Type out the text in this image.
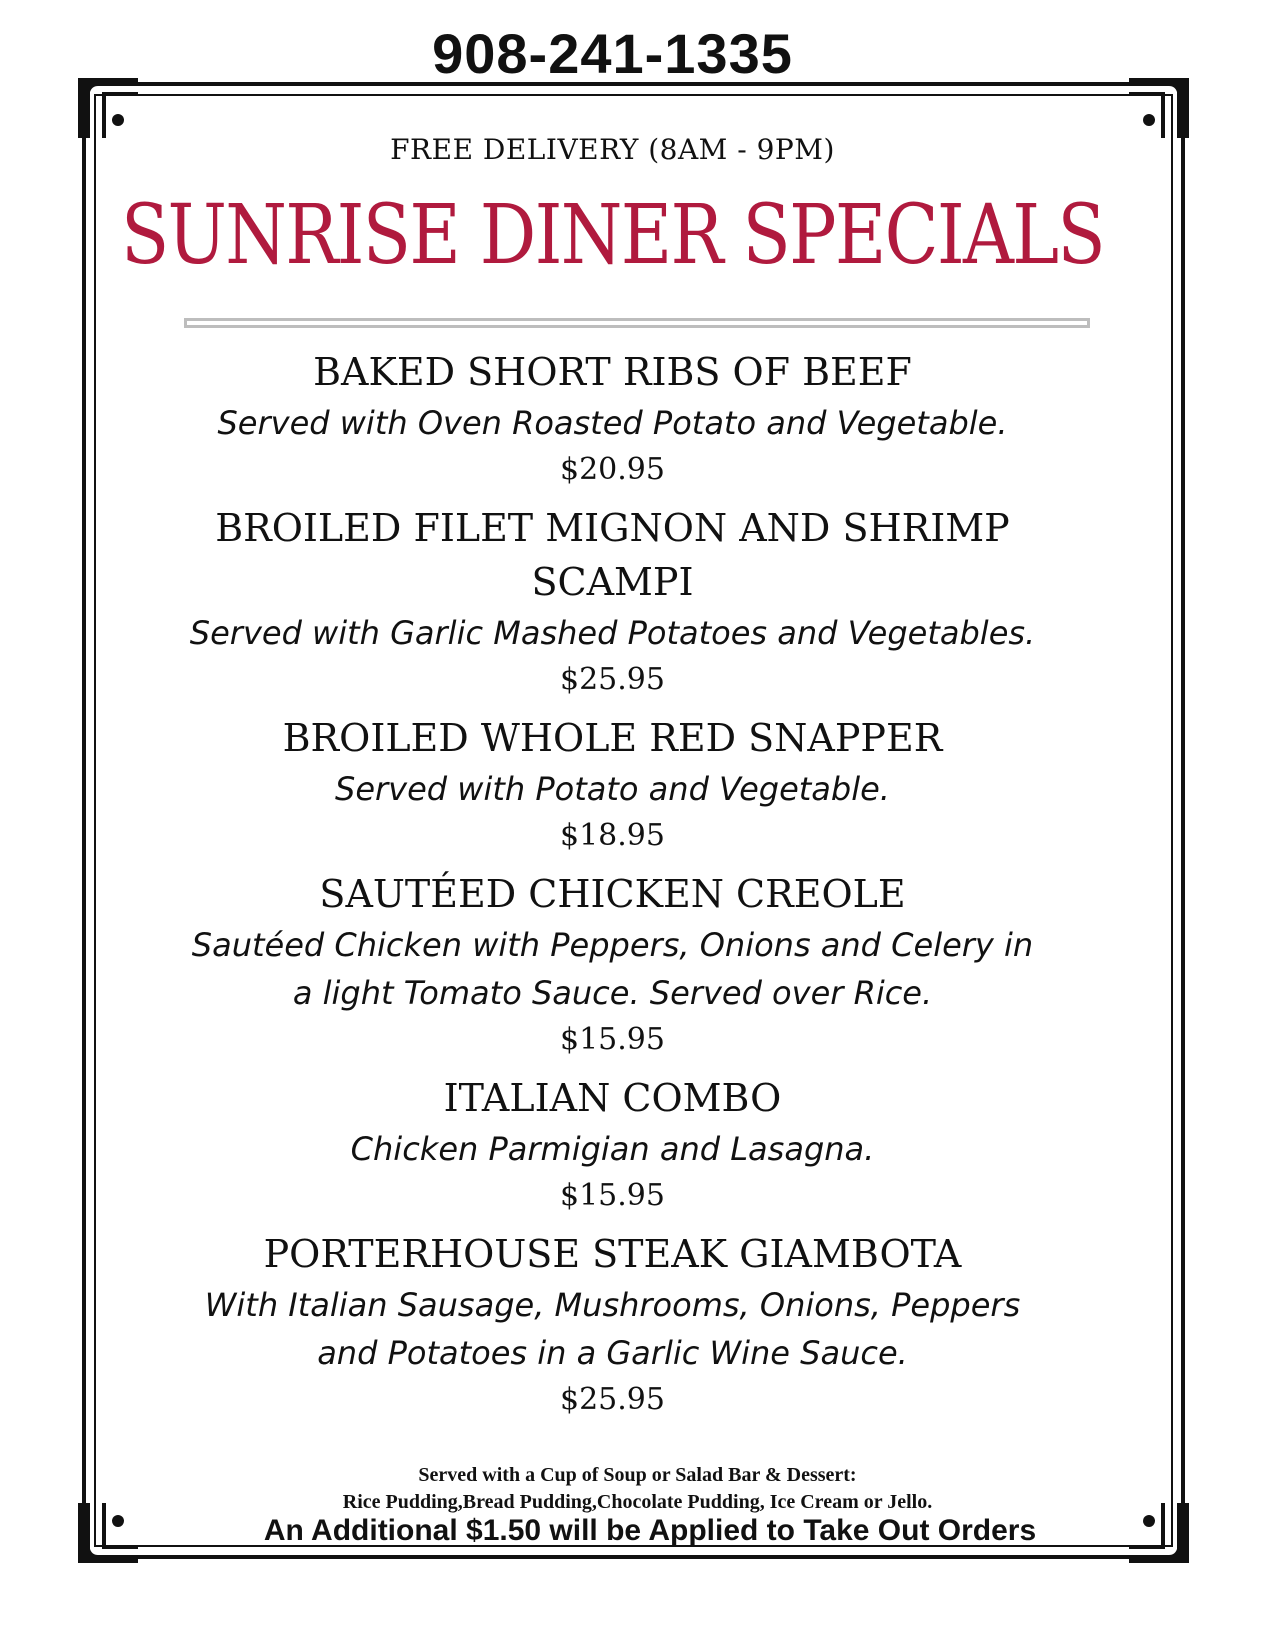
908-241-1335
FREE DELIVERY (8AM - 9PM)
SUNRISE DINER SPECIALS
BAKED SHORT RIBS OF BEEF
Served with Oven Roasted Potato and Vegetable.
$20.95
BROILED FILET MIGNON AND SHRIMP SCAMPI
Served with Garlic Mashed Potatoes and Vegetables.
$25.95
BROILED WHOLE RED SNAPPER
Served with Potato and Vegetable.
$18.95
SAUTÉED CHICKEN CREOLE
Sautéed Chicken with Peppers, Onions and Celery in a light Tomato Sauce. Served over Rice.
$15.95
ITALIAN COMBO
Chicken Parmigian and Lasagna.
$15.95
PORTERHOUSE STEAK GIAMBOTA
With Italian Sausage, Mushrooms, Onions, Peppers and Potatoes in a Garlic Wine Sauce.
$25.95
Served with a Cup of Soup or Salad Bar & Dessert:
Rice Pudding,Bread Pudding,Chocolate Pudding, Ice Cream or Jello.
An Additional $1.50 will be Applied to Take Out Orders
